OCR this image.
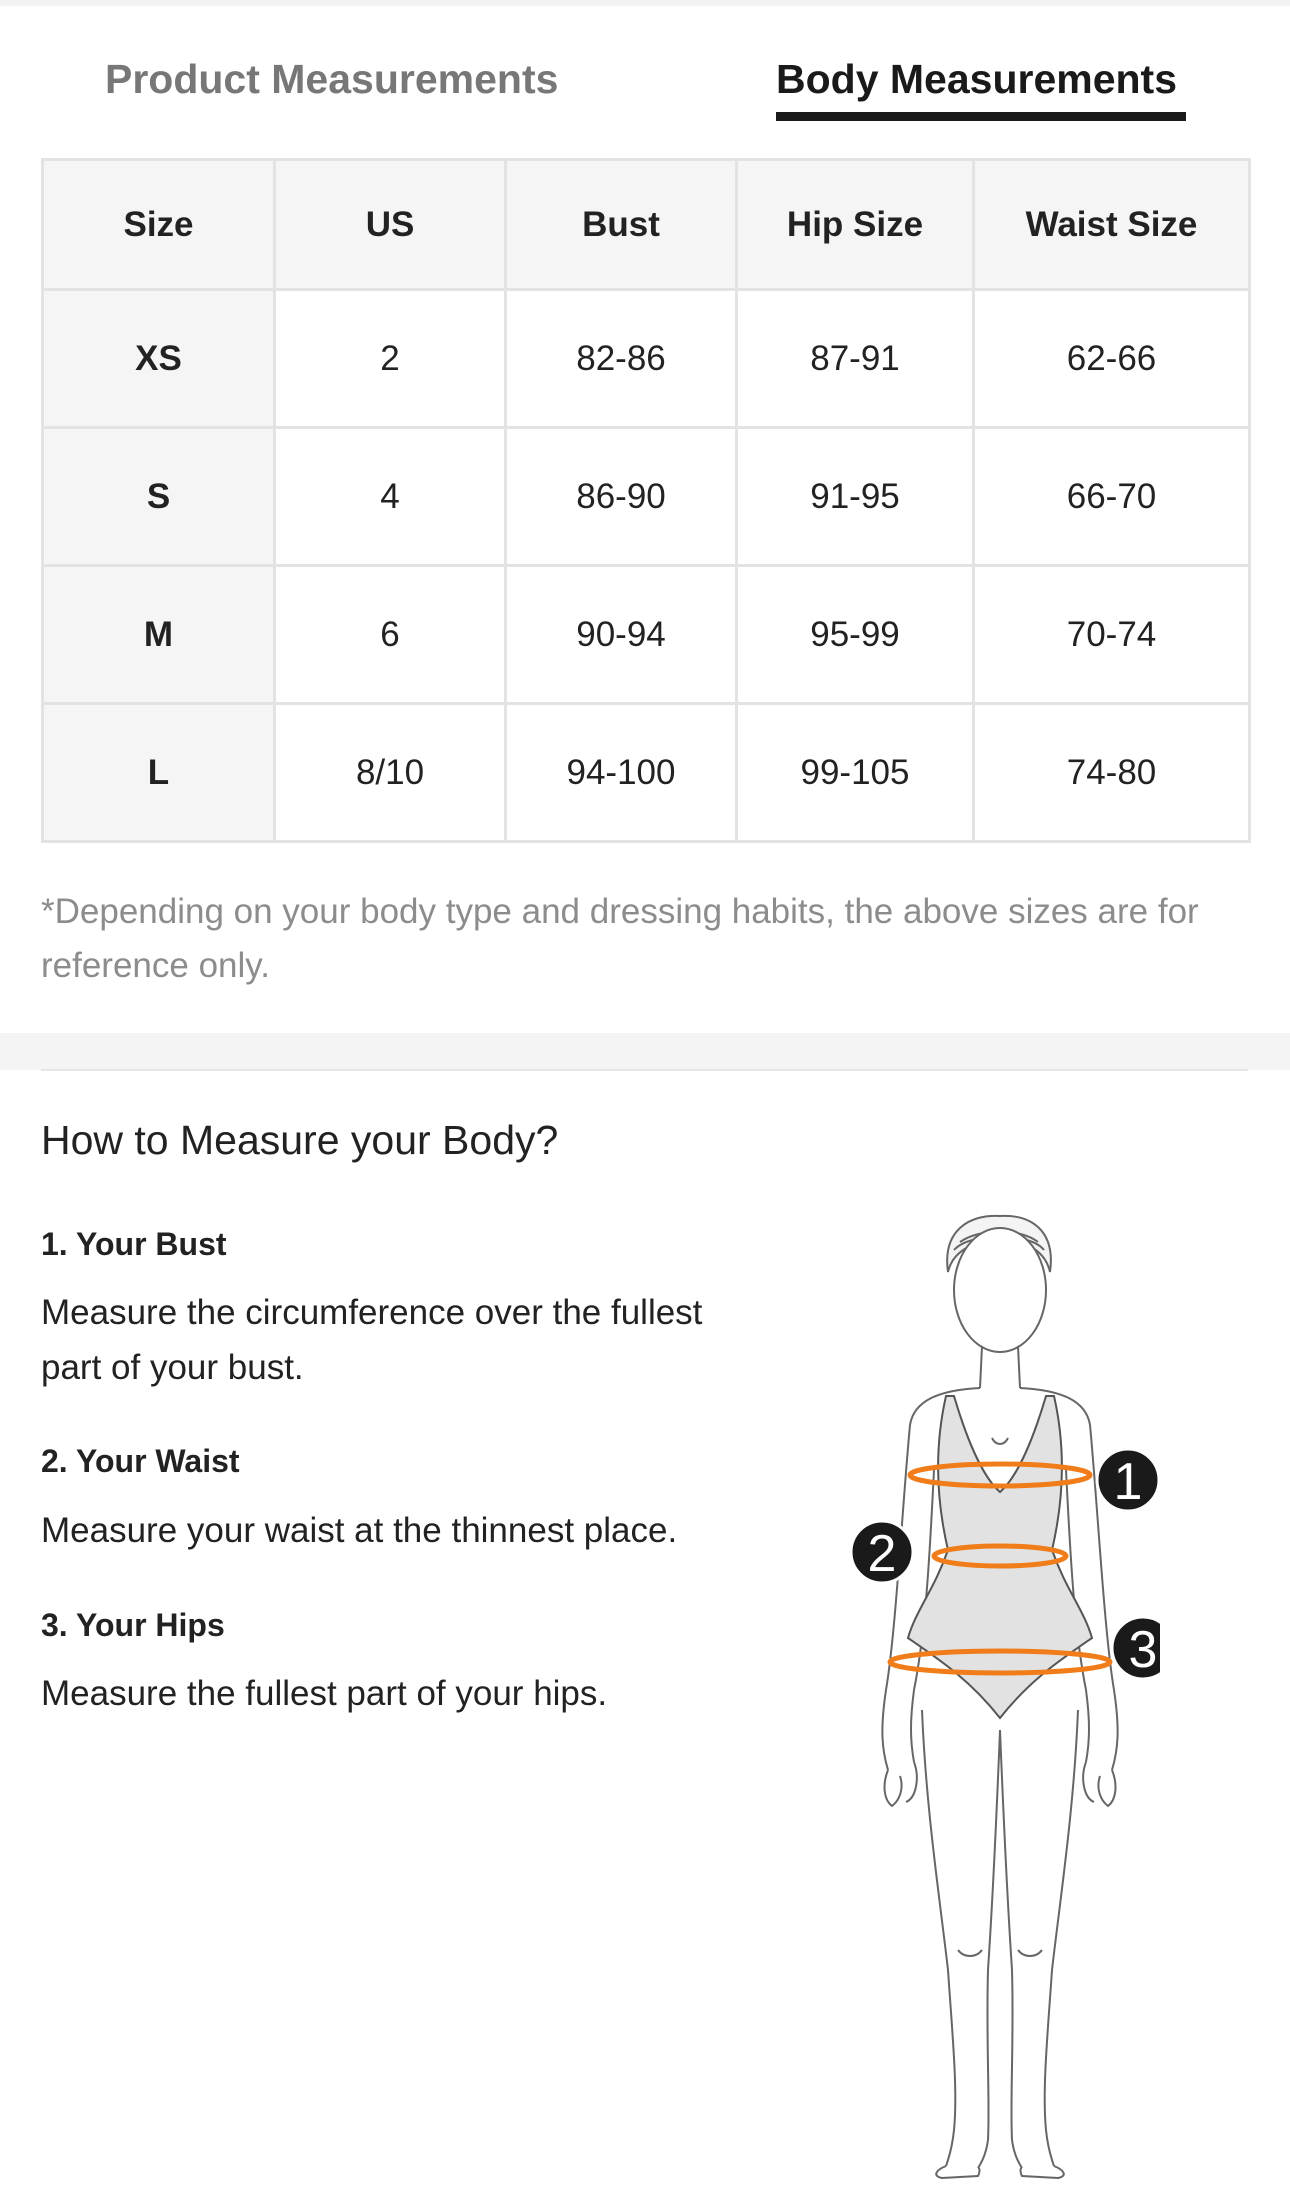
Product Measurements	Body Measurements
Size	US	Bust	Hip Size	Waist Size
XS	2	82-86	87-91	62-66
S	4	86-90	91-95	66-70
M	6	90-94	95-99	70-74
L	8/10	94-100	99-105	74-80
*Depending on your body type and dressing habits, the above sizes are for reference only.
How to Measure your Body?
1. Your Bust
Measure the circumference over the fullest part of your bust.
2. Your Waist
Measure your waist at the thinnest place.
3. Your Hips
Measure the fullest part of your hips.
1
2
3
